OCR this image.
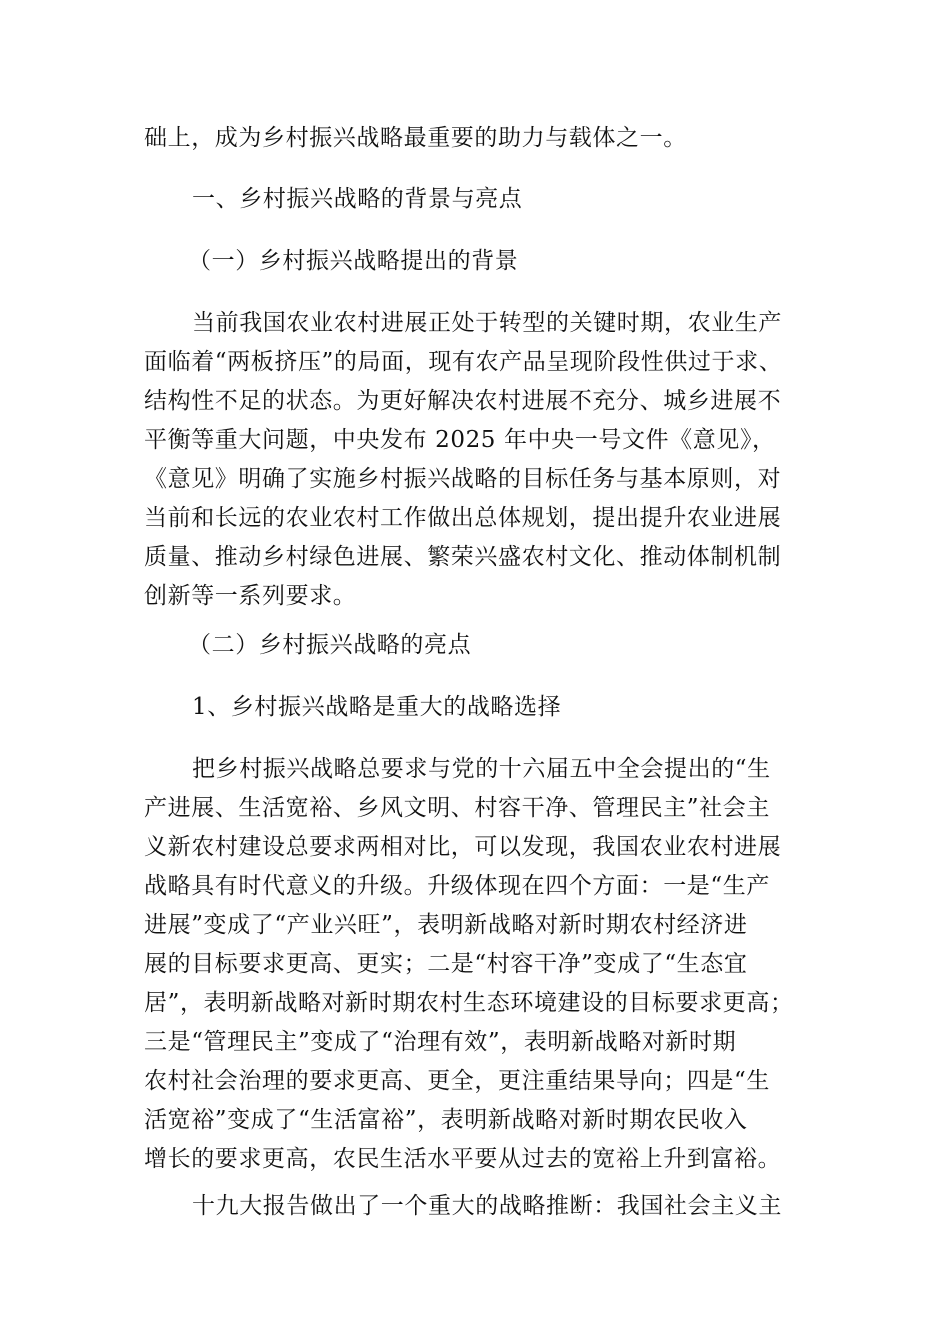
础上，成为乡村振兴战略最重要的助力与载体之一。

一、乡村振兴战略的背景与亮点

（一）乡村振兴战略提出的背景

当前我国农业农村进展正处于转型的关键时期，农业生产
面临着“两板挤压”的局面，现有农产品呈现阶段性供过于求、
结构性不足的状态。为更好解决农村进展不充分、城乡进展不
平衡等重大问题，中央发布 2025 年中央一号文件《意见》，
《意见》明确了实施乡村振兴战略的目标任务与基本原则，对
当前和长远的农业农村工作做出总体规划，提出提升农业进展
质量、推动乡村绿色进展、繁荣兴盛农村文化、推动体制机制
创新等一系列要求。

（二）乡村振兴战略的亮点

1、乡村振兴战略是重大的战略选择

把乡村振兴战略总要求与党的十六届五中全会提出的“生
产进展、生活宽裕、乡风文明、村容干净、管理民主”社会主
义新农村建设总要求两相对比，可以发现，我国农业农村进展
战略具有时代意义的升级。升级体现在四个方面：一是“生产
进展”变成了“产业兴旺”，表明新战略对新时期农村经济进
展的目标要求更高、更实；二是“村容干净”变成了“生态宜
居”，表明新战略对新时期农村生态环境建设的目标要求更高；
三是“管理民主”变成了“治理有效”，表明新战略对新时期
农村社会治理的要求更高、更全，更注重结果导向；四是“生
活宽裕”变成了“生活富裕”，表明新战略对新时期农民收入
增长的要求更高，农民生活水平要从过去的宽裕上升到富裕。

十九大报告做出了一个重大的战略推断：我国社会主义主
